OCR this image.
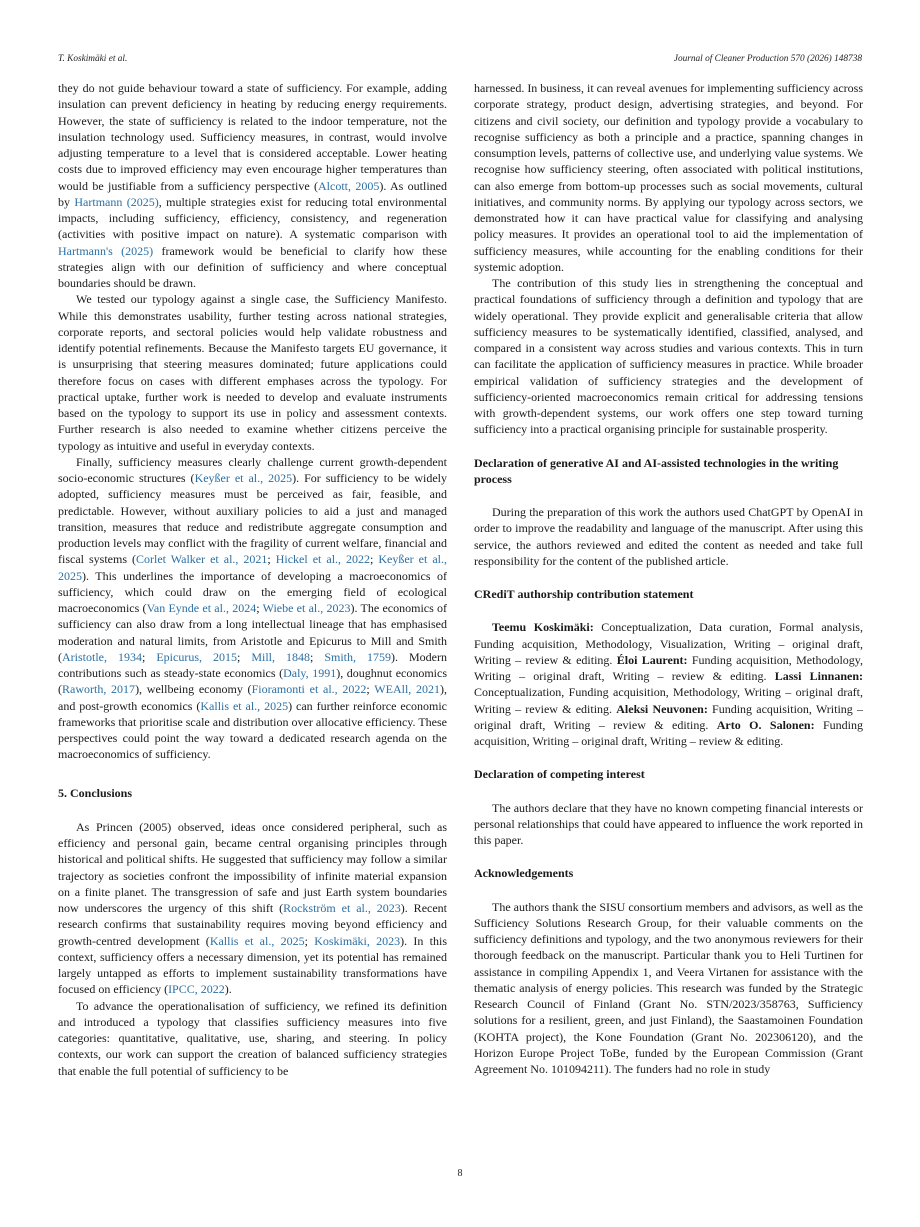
T. Koskimäki et al.	Journal of Cleaner Production 570 (2026) 148738

they do not guide behaviour toward a state of sufficiency. For example, adding insulation can prevent deficiency in heating by reducing energy requirements. However, the state of sufficiency is related to the indoor temperature, not the insulation technology used. Sufficiency measures, in contrast, would involve adjusting temperature to a level that is considered acceptable. Lower heating costs due to improved efficiency may even encourage higher temperatures than would be justifiable from a sufficiency perspective (Alcott, 2005). As outlined by Hartmann (2025), multiple strategies exist for reducing total environmental impacts, including sufficiency, efficiency, consistency, and regeneration (activities with positive impact on nature). A systematic comparison with Hartmann's (2025) framework would be beneficial to clarify how these strategies align with our definition of sufficiency and where conceptual boundaries should be drawn.

We tested our typology against a single case, the Sufficiency Manifesto. While this demonstrates usability, further testing across national strategies, corporate reports, and sectoral policies would help validate robustness and identify potential refinements. Because the Manifesto targets EU governance, it is unsurprising that steering measures dominated; future applications could therefore focus on cases with different emphases across the typology. For practical uptake, further work is needed to develop and evaluate instruments based on the typology to support its use in policy and assessment contexts. Further research is also needed to examine whether citizens perceive the typology as intuitive and useful in everyday contexts.

Finally, sufficiency measures clearly challenge current growth-dependent socio-economic structures (Keyßer et al., 2025). For sufficiency to be widely adopted, sufficiency measures must be perceived as fair, feasible, and predictable. However, without auxiliary policies to aid a just and managed transition, measures that reduce and redistribute aggregate consumption and production levels may conflict with the fragility of current welfare, financial and fiscal systems (Corlet Walker et al., 2021; Hickel et al., 2022; Keyßer et al., 2025). This underlines the importance of developing a macroeconomics of sufficiency, which could draw on the emerging field of ecological macroeconomics (Van Eynde et al., 2024; Wiebe et al., 2023). The economics of sufficiency can also draw from a long intellectual lineage that has emphasised moderation and natural limits, from Aristotle and Epicurus to Mill and Smith (Aristotle, 1934; Epicurus, 2015; Mill, 1848; Smith, 1759). Modern contributions such as steady-state economics (Daly, 1991), doughnut economics (Raworth, 2017), wellbeing economy (Fioramonti et al., 2022; WEAll, 2021), and post-growth economics (Kallis et al., 2025) can further reinforce economic frameworks that prioritise scale and distribution over allocative efficiency. These perspectives could point the way toward a dedicated research agenda on the macroeconomics of sufficiency.

5. Conclusions

As Princen (2005) observed, ideas once considered peripheral, such as efficiency and personal gain, became central organising principles through historical and political shifts. He suggested that sufficiency may follow a similar trajectory as societies confront the impossibility of infinite material expansion on a finite planet. The transgression of safe and just Earth system boundaries now underscores the urgency of this shift (Rockström et al., 2023). Recent research confirms that sustainability requires moving beyond efficiency and growth-centred development (Kallis et al., 2025; Koskimäki, 2023). In this context, sufficiency offers a necessary dimension, yet its potential has remained largely untapped as efforts to implement sustainability transformations have focused on efficiency (IPCC, 2022).

To advance the operationalisation of sufficiency, we refined its definition and introduced a typology that classifies sufficiency measures into five categories: quantitative, qualitative, use, sharing, and steering. In policy contexts, our work can support the creation of balanced sufficiency strategies that enable the full potential of sufficiency to be

harnessed. In business, it can reveal avenues for implementing sufficiency across corporate strategy, product design, advertising strategies, and beyond. For citizens and civil society, our definition and typology provide a vocabulary to recognise sufficiency as both a principle and a practice, spanning changes in consumption levels, patterns of collective use, and underlying value systems. We recognise how sufficiency steering, often associated with political institutions, can also emerge from bottom-up processes such as social movements, cultural initiatives, and community norms. By applying our typology across sectors, we demonstrated how it can have practical value for classifying and analysing policy measures. It provides an operational tool to aid the implementation of sufficiency measures, while accounting for the enabling conditions for their systemic adoption.

The contribution of this study lies in strengthening the conceptual and practical foundations of sufficiency through a definition and typology that are widely operational. They provide explicit and generalisable criteria that allow sufficiency measures to be systematically identified, classified, analysed, and compared in a consistent way across studies and various contexts. This in turn can facilitate the application of sufficiency measures in practice. While broader empirical validation of sufficiency strategies and the development of sufficiency-oriented macroeconomics remain critical for addressing tensions with growth-dependent systems, our work offers one step toward turning sufficiency into a practical organising principle for sustainable prosperity.

Declaration of generative AI and AI-assisted technologies in the writing process

During the preparation of this work the authors used ChatGPT by OpenAI in order to improve the readability and language of the manuscript. After using this service, the authors reviewed and edited the content as needed and take full responsibility for the content of the published article.

CRediT authorship contribution statement

Teemu Koskimäki: Conceptualization, Data curation, Formal analysis, Funding acquisition, Methodology, Visualization, Writing – original draft, Writing – review & editing. Éloi Laurent: Funding acquisition, Methodology, Writing – original draft, Writing – review & editing. Lassi Linnanen: Conceptualization, Funding acquisition, Methodology, Writing – original draft, Writing – review & editing. Aleksi Neuvonen: Funding acquisition, Writing – original draft, Writing – review & editing. Arto O. Salonen: Funding acquisition, Writing – original draft, Writing – review & editing.

Declaration of competing interest

The authors declare that they have no known competing financial interests or personal relationships that could have appeared to influence the work reported in this paper.

Acknowledgements

The authors thank the SISU consortium members and advisors, as well as the Sufficiency Solutions Research Group, for their valuable comments on the sufficiency definitions and typology, and the two anonymous reviewers for their thorough feedback on the manuscript. Particular thank you to Heli Turtinen for assistance in compiling Appendix 1, and Veera Virtanen for assistance with the thematic analysis of energy policies. This research was funded by the Strategic Research Council of Finland (Grant No. STN/2023/358763, Sufficiency solutions for a resilient, green, and just Finland), the Saastamoinen Foundation (KOHTA project), the Kone Foundation (Grant No. 202306120), and the Horizon Europe Project ToBe, funded by the European Commission (Grant Agreement No. 101094211). The funders had no role in study

8
